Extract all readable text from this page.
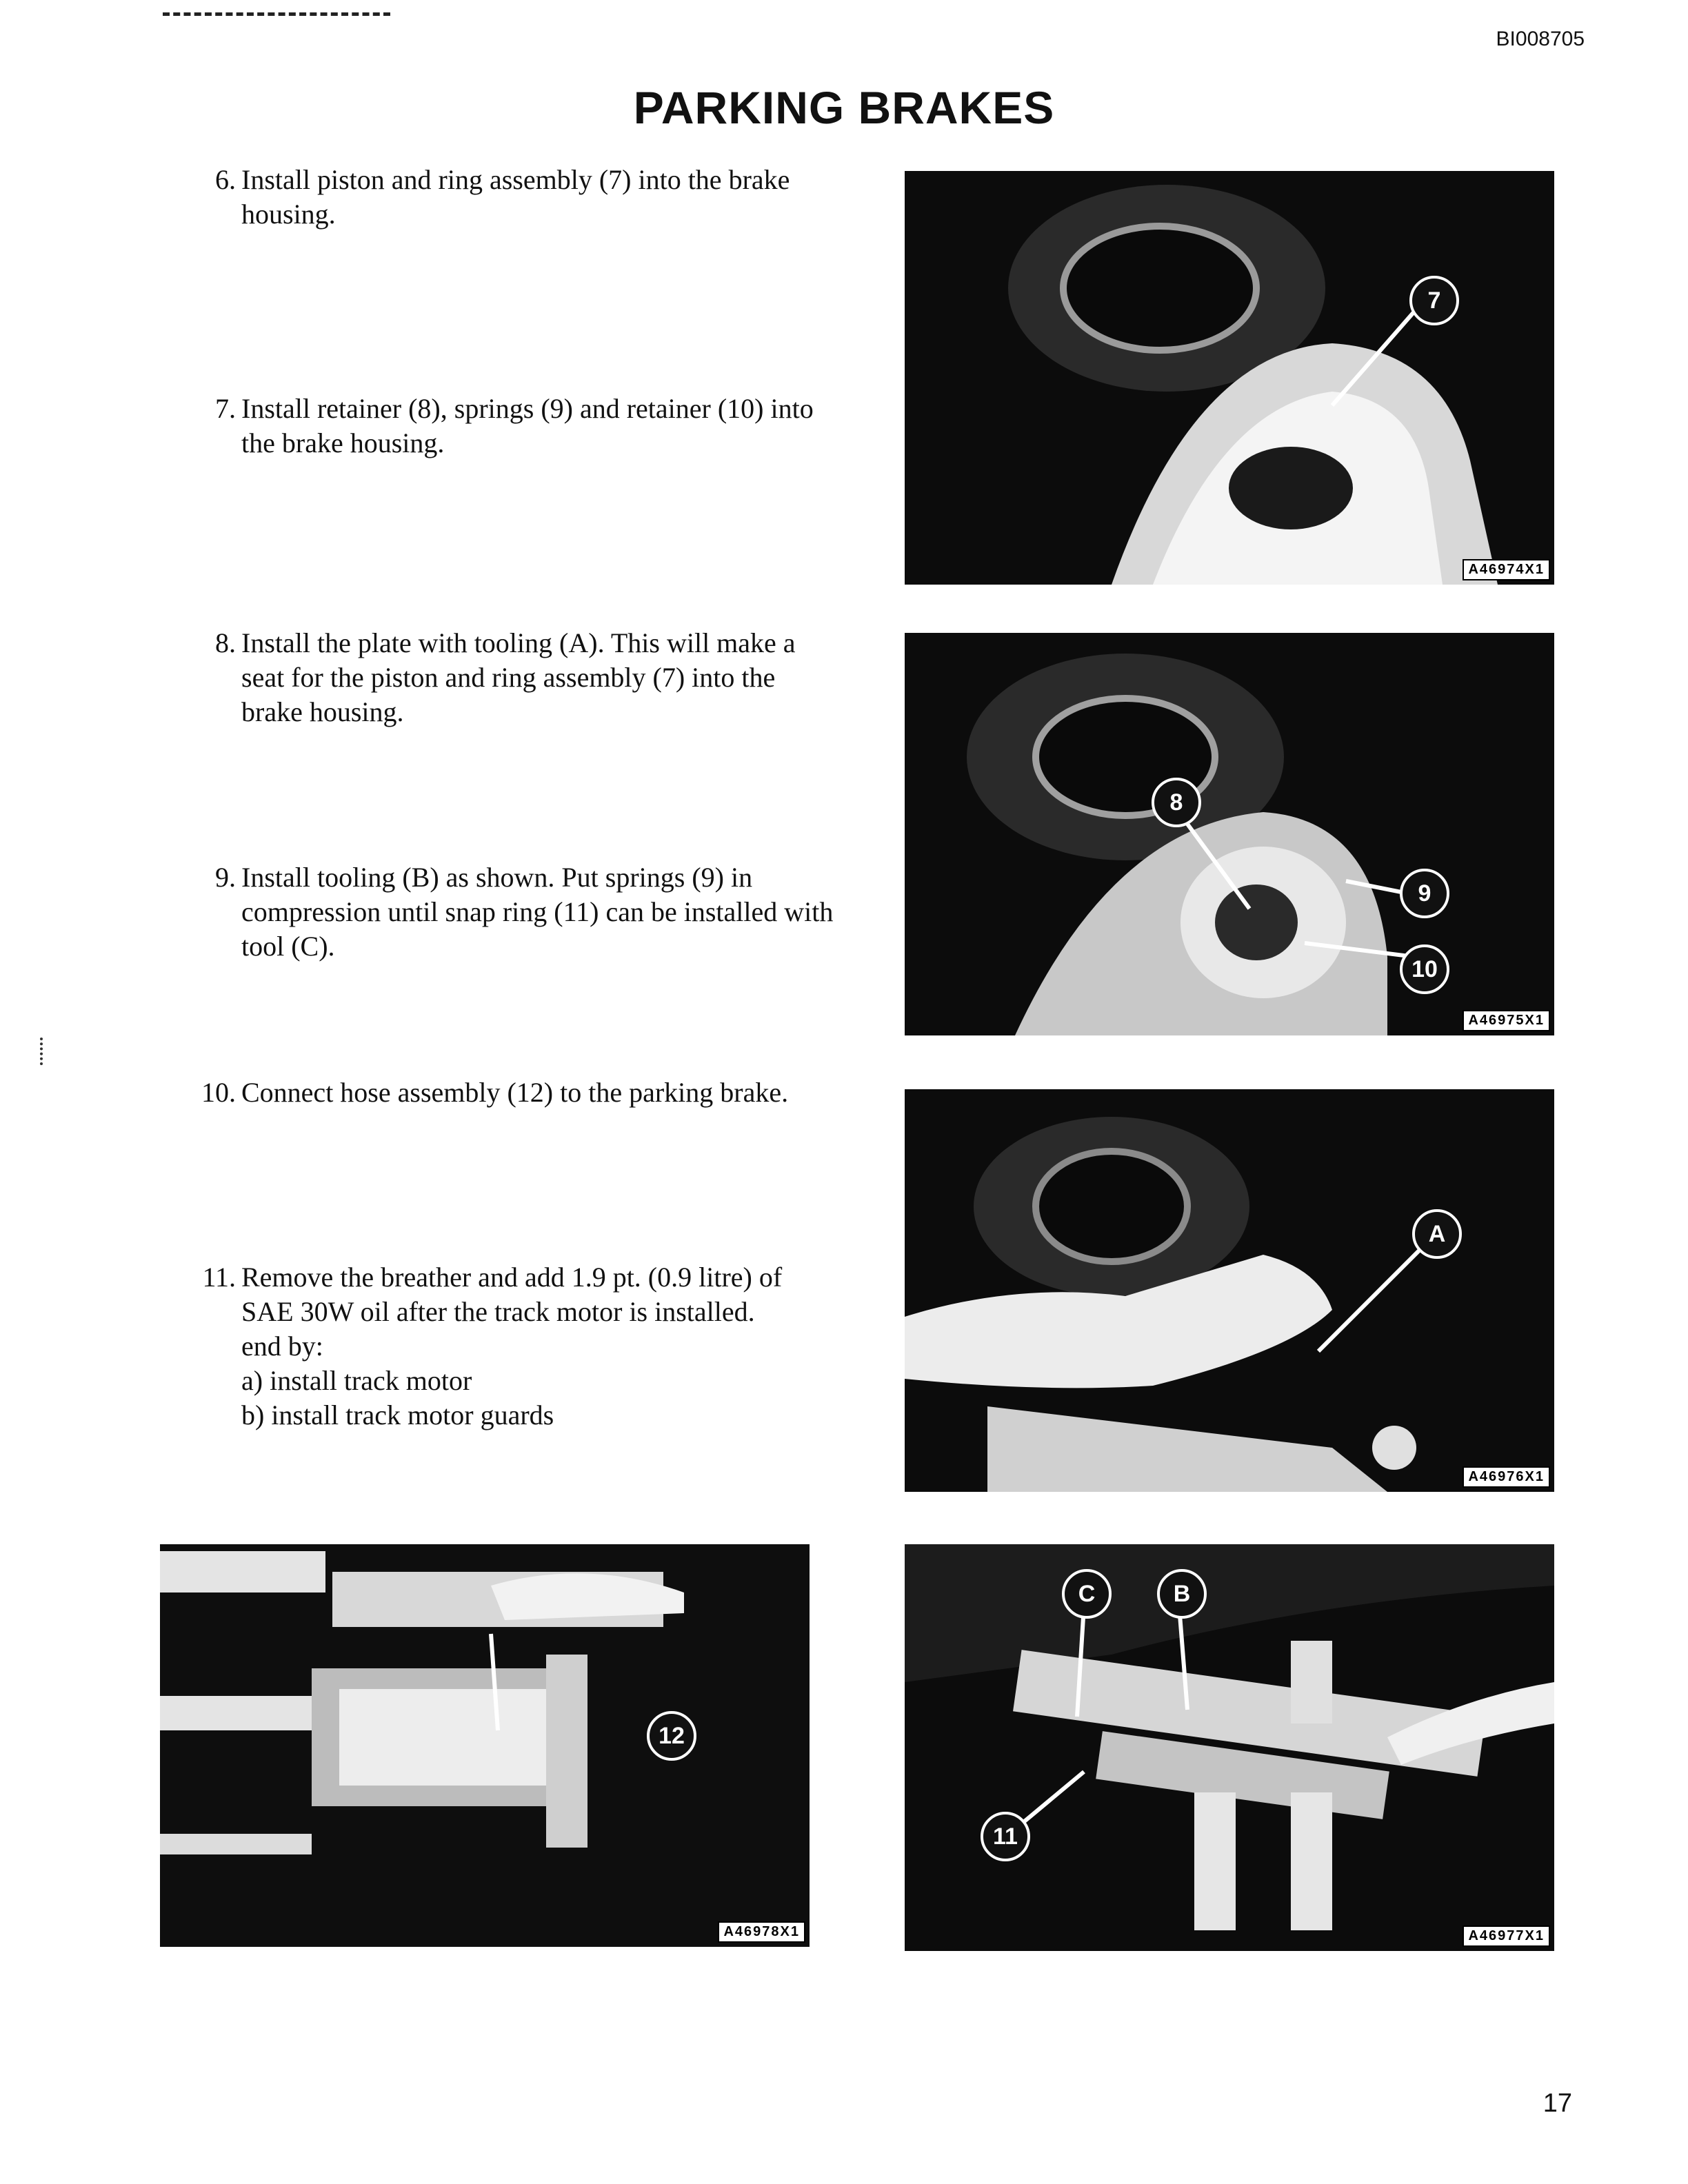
BI008705
PARKING BRAKES
6. Install piston and ring assembly (7) into the brake housing.
7. Install retainer (8), springs (9) and retainer (10) into the brake housing.
8. Install the plate with tooling (A). This will make a seat for the piston and ring assembly (7) into the brake housing.
9. Install tooling (B) as shown. Put springs (9) in compression until snap ring (11) can be installed with tool (C).
10. Connect hose assembly (12) to the parking brake.
11. Remove the breather and add 1.9 pt. (0.9 litre) of SAE 30W oil after the track motor is installed.
end by:
a) install track motor
b) install track motor guards
7
A46974X1
8
9
10
A46975X1
A
A46976X1
12
A46978X1
C	B
11
A46977X1
17
